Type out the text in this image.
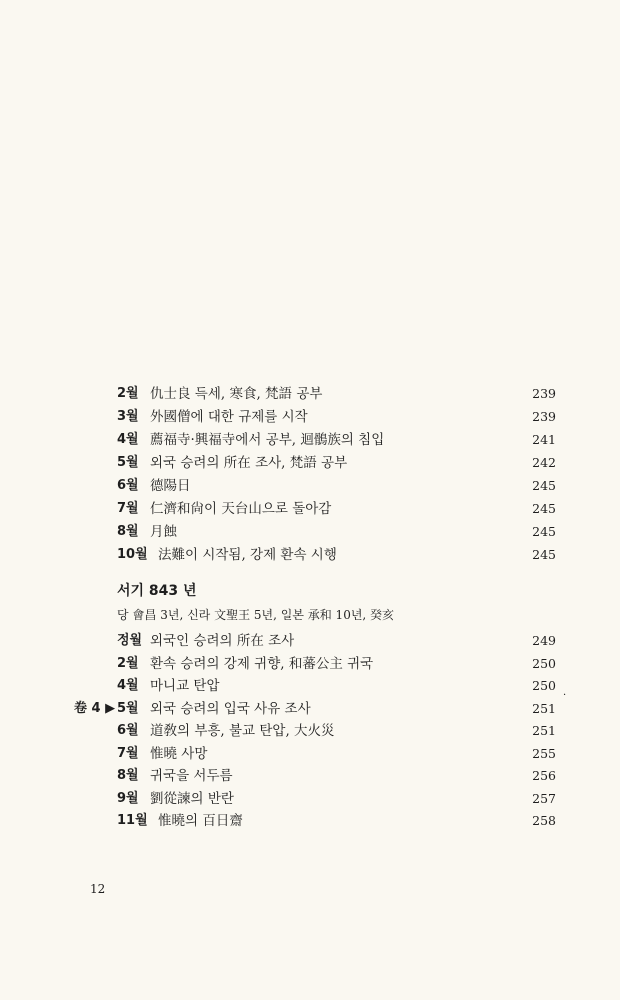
2월 仇士良 득세, 寒食, 梵語 공부	239
3월 外國僧에 대한 규제를 시작	239
4월 薦福寺·興福寺에서 공부, 迴鶻族의 침입	241
5월 외국 승려의 所在 조사, 梵語 공부	242
6월 德陽日	245
7월 仁濟和尙이 天台山으로 돌아감	245
8월 月蝕	245
10월 法難이 시작됨, 강제 환속 시행	245
서기 843 년
당 會昌 3년, 신라 文聖王 5년, 일본 承和 10년, 癸亥
정월 외국인 승려의 所在 조사	249
2월 환속 승려의 강제 귀향, 和蕃公主 귀국	250
4월 마니교 탄압	250
5월 외국 승려의 입국 사유 조사	251
6월 道敎의 부흥, 불교 탄압, 大火災	251
7월 惟曉 사망	255
8월 귀국을 서두름	256
9월 劉從諫의 반란	257
11월 惟曉의 百日齋	258
卷 4 ▶
·
12
